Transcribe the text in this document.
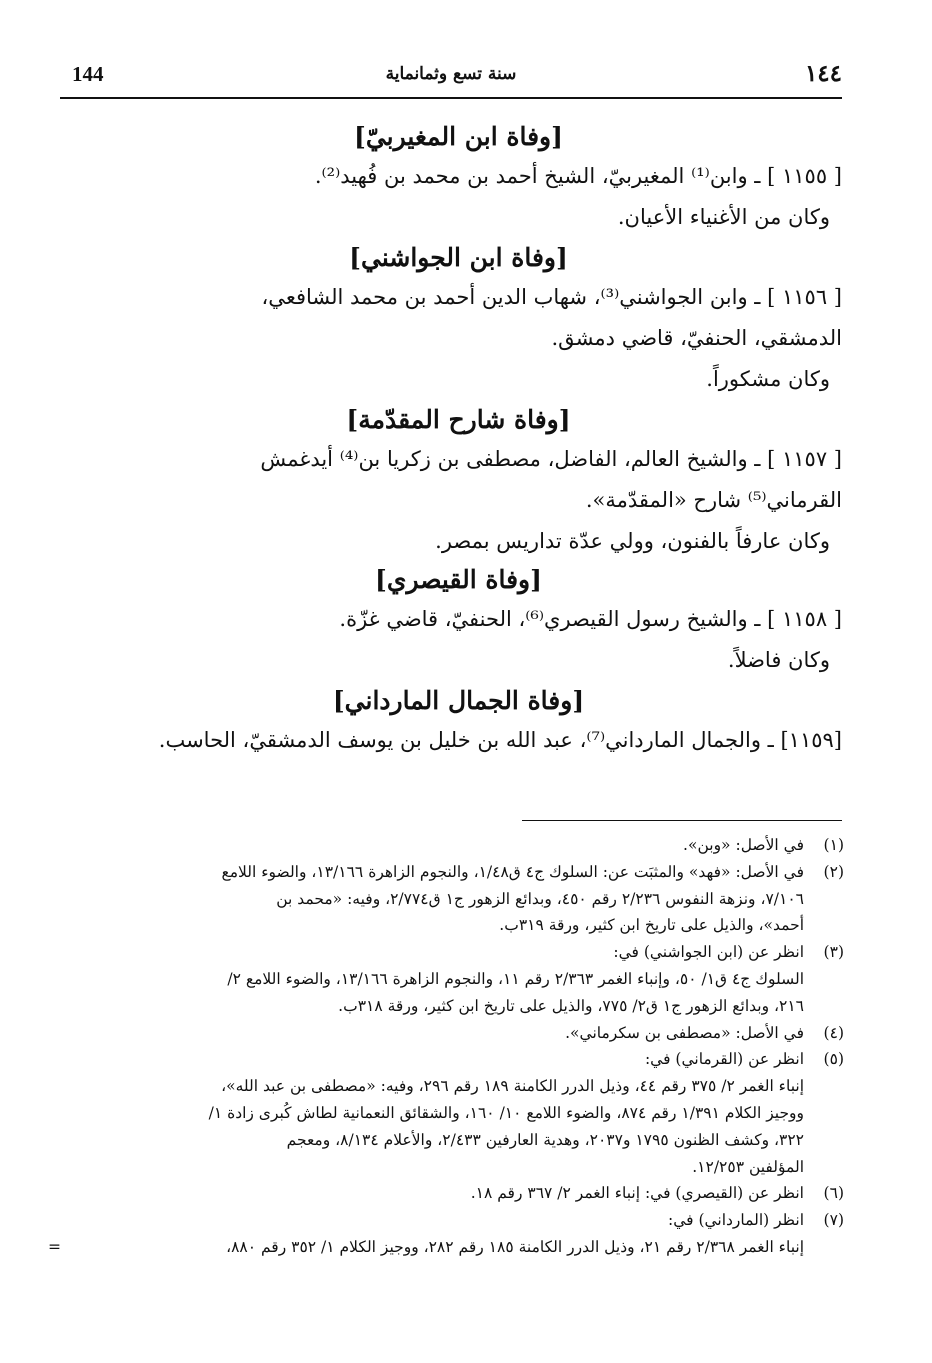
144	سنة تسع وثمانماية	١٤٤
[وفاة ابن المغيربيّ]
[ ١١٥٥ ] ـ وابن⁽¹⁾ المغيربيّ، الشيخ أحمد بن محمد بن فُهيد⁽²⁾.
وكان من الأغنياء الأعيان.
[وفاة ابن الجواشني]
[ ١١٥٦ ] ـ وابن الجواشني⁽³⁾، شهاب الدين أحمد بن محمد الشافعي،
الدمشقي، الحنفيّ، قاضي دمشق.
وكان مشكوراً.
[وفاة شارح المقدّمة]
[ ١١٥٧ ] ـ والشيخ العالم، الفاضل، مصطفى بن زكريا بن⁽⁴⁾ أيدغمش
القرماني⁽⁵⁾ شارح «المقدّمة».
وكان عارفاً بالفنون، وولي عدّة تداريس بمصر.
[وفاة القيصري]
[ ١١٥٨ ] ـ والشيخ رسول القيصري⁽⁶⁾، الحنفيّ، قاضي غزّة.
وكان فاضلاً.
[وفاة الجمال المارداني]
[١١٥٩] ـ والجمال المارداني⁽⁷⁾، عبد الله بن خليل بن يوسف الدمشقيّ، الحاسب.
(١)
في الأصل: «وبن».
(٢)
في الأصل: «فهد» والمثبَت عن: السلوك ج٤ ق١/٤٨، والنجوم الزاهرة ١٣/١٦٦، والضوء اللامع
٧/١٠٦، ونزهة النفوس ٢/٢٣٦ رقم ٤٥٠، وبدائع الزهور ج١ ق٢/٧٧٤، وفيه: «محمد بن
أحمد»، والذيل على تاريخ ابن كثير، ورقة ٣١٩ب.
(٣)
انظر عن (ابن الجواشني) في:
السلوك ج٤ ق١/ ٥٠، وإنباء الغمر ٢/٣٦٣ رقم ١١، والنجوم الزاهرة ١٣/١٦٦، والضوء اللامع ٢/
٢١٦، وبدائع الزهور ج١ ق٢/ ٧٧٥، والذيل على تاريخ ابن كثير، ورقة ٣١٨ب.
(٤)
في الأصل: «مصطفى بن سكرماني».
(٥)
انظر عن (القرماني) في:
إنباء الغمر ٢/ ٣٧٥ رقم ٤٤، وذيل الدرر الكامنة ١٨٩ رقم ٢٩٦، وفيه: «مصطفى بن عبد الله»،
ووجيز الكلام ١/٣٩١ رقم ٨٧٤، والضوء اللامع ١٠/ ١٦٠، والشقائق النعمانية لطاش كُبرى زادة ١/
٣٢٢، وكشف الظنون ١٧٩٥ و٢٠٣٧، وهدية العارفين ٢/٤٣٣، والأعلام ٨/١٣٤، ومعجم
المؤلفين ١٢/٢٥٣.
(٦)
انظر عن (القيصري) في: إنباء الغمر ٢/ ٣٦٧ رقم ١٨.
(٧)
انظر (المارداني) في:
إنباء الغمر ٢/٣٦٨ رقم ٢١، وذيل الدرر الكامنة ١٨٥ رقم ٢٨٢، ووجيز الكلام ١/ ٣٥٢ رقم ٨٨٠،
=
